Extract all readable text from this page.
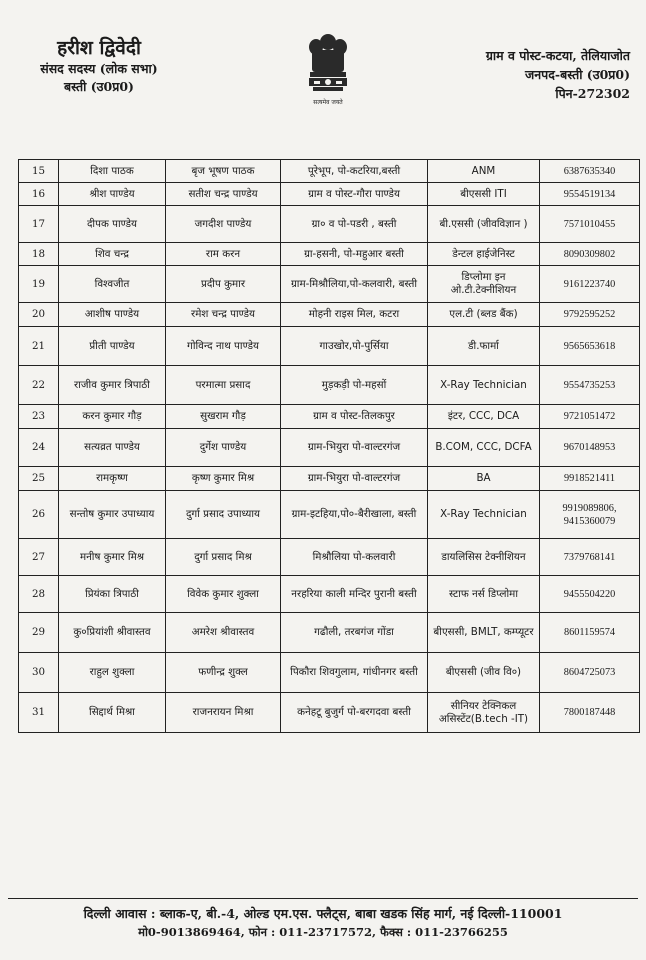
हरीश द्विवेदी
संसद सदस्य (लोक सभा)
बस्ती (उ0प्र0)
सत्यमेव जयते
ग्राम व पोस्ट-कटया, तेलियाजोत
जनपद-बस्ती (उ0प्र0)
पिन-272302
15	दिशा पाठक	बृज भूषण पाठक	पूरेभूप, पो-कटरिया,बस्ती	ANM	6387635340
16	श्रीश पाण्डेय	सतीश चन्द्र पाण्डेय	ग्राम व पोस्ट-गौरा पाण्डेय	बीएससी ITI	9554519134
17	दीपक पाण्डेय	जगदीश पाण्डेय	ग्रा० व पो-पडरी , बस्ती	बी.एससी (जीवविज्ञान )	7571010455
18	शिव चन्द्र	राम करन	ग्रा-हसनी, पो-महुआर बस्ती	डेन्टल हाईजेनिस्ट	8090309802
19	विश्वजीत	प्रदीप कुमार	ग्राम-मिश्रौलिया,पो-कलवारी, बस्ती	डिप्लोमा इन ओ.टी.टेक्नीशियन	9161223740
20	आशीष पाण्डेय	रमेश चन्द्र पाण्डेय	मोहनी राइस मिल, कटरा	एल.टी (ब्लड बैंक)	9792595252
21	प्रीती पाण्डेय	गोविन्द नाथ पाण्डेय	गाउखोर,पो-पुर्सिया	डी.फार्मा	9565653618
22	राजीव कुमार त्रिपाठी	परमात्मा प्रसाद	मुड़कड़ी पो-महसों	X-Ray Technician	9554735253
23	करन कुमार गौड़	सुखराम गौड़	ग्राम व पोस्ट-तिलकपुर	इंटर, CCC, DCA	9721051472
24	सत्यव्रत पाण्डेय	दुर्गेश पाण्डेय	ग्राम-भियुरा पो-वाल्टरगंज	B.COM, CCC, DCFA	9670148953
25	रामकृष्ण	कृष्ण कुमार मिश्र	ग्राम-भियुरा पो-वाल्टरगंज	BA	9918521411
26	सन्तोष कुमार उपाध्याय	दुर्गा प्रसाद उपाध्याय	ग्राम-इटहिया,पो०-बैरीखाला, बस्ती	X-Ray Technician	9919089806, 9415360079
27	मनीष कुमार मिश्र	दुर्गा प्रसाद मिश्र	मिश्रौलिया पो-कलवारी	डायलिसिस टेक्नीशियन	7379768141
28	प्रियंका त्रिपाठी	विवेक कुमार शुक्ला	नरहरिया काली मन्दिर पुरानी बस्ती	स्टाफ नर्स डिप्लोमा	9455504220
29	कु०प्रियांशी श्रीवास्तव	अमरेश श्रीवास्तव	गढौली, तरबगंज गोंडा	बीएससी, BMLT, कम्प्यूटर	8601159574
30	राहुल शुक्ला	फणीन्द्र शुक्ल	पिकौरा शिवगुलाम, गांधीनगर बस्ती	बीएससी (जीव वि०)	8604725073
31	सिद्दार्थ मिश्रा	राजनरायन मिश्रा	कनेहटू बुजुर्ग पो-बरगदवा बस्ती	सीनियर टेक्निकल असिस्टेंट(B.tech -IT)	7800187448
दिल्ली आवास : ब्लाक-ए, बी.-4, ओल्ड एम.एस. फ्लैट्स, बाबा खडक सिंह मार्ग, नई दिल्ली-110001
मो0-9013869464, फोन : 011-23717572, फैक्स : 011-23766255
